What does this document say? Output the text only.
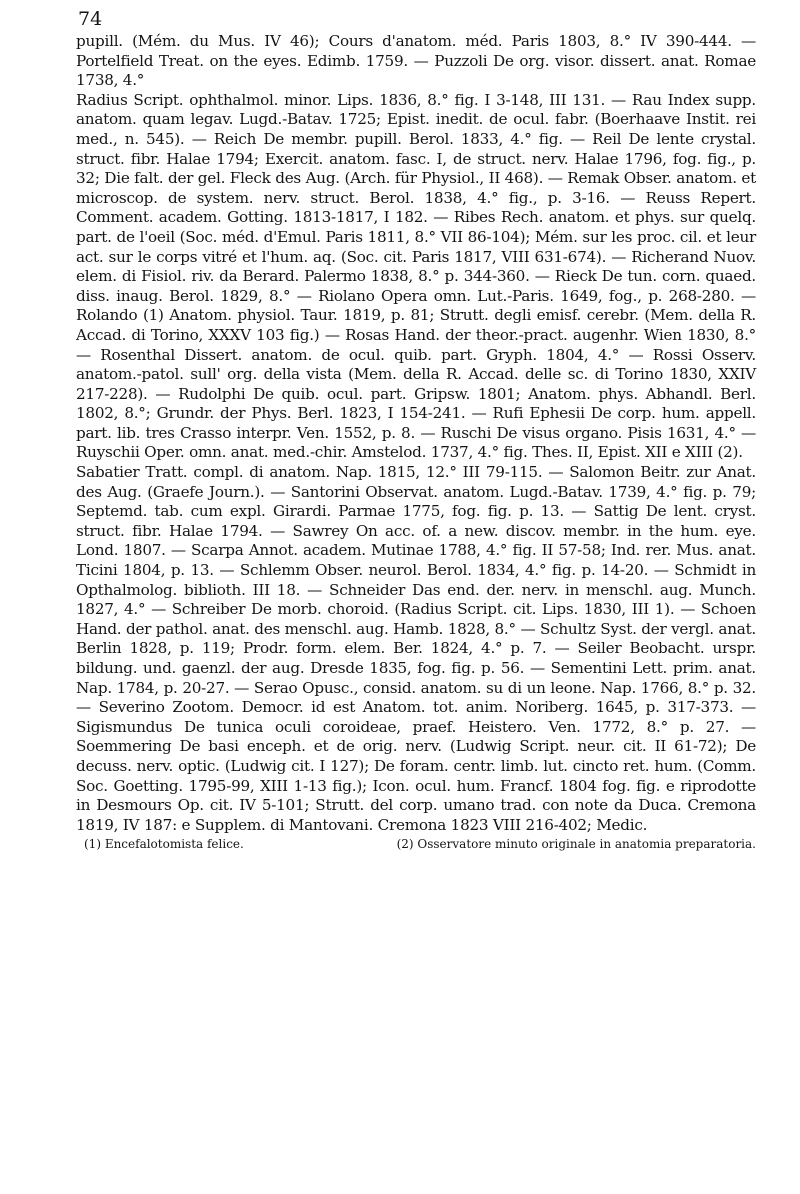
74

pupill. (Mém. du Mus. IV 46); Cours d'anatom. méd. Paris 1803, 8.° IV 390-444. — Portelfield Treat. on the eyes. Edimb. 1759. — Puzzoli De org. visor. dissert. anat. Romae 1738, 4.°

Radius Script. ophthalmol. minor. Lips. 1836, 8.° fig. I 3-148, III 131. — Rau Index supp. anatom. quam legav. Lugd.-Batav. 1725; Epist. inedit. de ocul. fabr. (Boerhaave Instit. rei med., n. 545). — Reich De membr. pupill. Berol. 1833, 4.° fig. — Reil De lente crystal. struct. fibr. Halae 1794; Exercit. anatom. fasc. I, de struct. nerv. Halae 1796, fog. fig., p. 32; Die falt. der gel. Fleck des Aug. (Arch. für Physiol., II 468). — Remak Obser. anatom. et microscop. de system. nerv. struct. Berol. 1838, 4.° fig., p. 3-16. — Reuss Repert. Comment. academ. Gotting. 1813-1817, I 182. — Ribes Rech. anatom. et phys. sur quelq. part. de l'oeil (Soc. méd. d'Emul. Paris 1811, 8.° VII 86-104); Mém. sur les proc. cil. et leur act. sur le corps vitré et l'hum. aq. (Soc. cit. Paris 1817, VIII 631-674). — Richerand Nuov. elem. di Fisiol. riv. da Berard. Palermo 1838, 8.° p. 344-360. — Rieck De tun. corn. quaed. diss. inaug. Berol. 1829, 8.° — Riolano Opera omn. Lut.-Paris. 1649, fog., p. 268-280. — Rolando (1) Anatom. physiol. Taur. 1819, p. 81; Strutt. degli emisf. cerebr. (Mem. della R. Accad. di Torino, XXXV 103 fig.) — Rosas Hand. der theor.-pract. augenhr. Wien 1830, 8.° — Rosenthal Dissert. anatom. de ocul. quib. part. Gryph. 1804, 4.° — Rossi Osserv. anatom.-patol. sull' org. della vista (Mem. della R. Accad. delle sc. di Torino 1830, XXIV 217-228). — Rudolphi De quib. ocul. part. Gripsw. 1801; Anatom. phys. Abhandl. Berl. 1802, 8.°; Grundr. der Phys. Berl. 1823, I 154-241. — Rufi Ephesii De corp. hum. appell. part. lib. tres Crasso interpr. Ven. 1552, p. 8. — Ruschi De visus organo. Pisis 1631, 4.° — Ruyschii Oper. omn. anat. med.-chir. Amstelod. 1737, 4.° fig. Thes. II, Epist. XII e XIII (2).

Sabatier Tratt. compl. di anatom. Nap. 1815, 12.° III 79-115. — Salomon Beitr. zur Anat. des Aug. (Graefe Journ.). — Santorini Observat. anatom. Lugd.-Batav. 1739, 4.° fig. p. 79; Septemd. tab. cum expl. Girardi. Parmae 1775, fog. fig. p. 13. — Sattig De lent. cryst. struct. fibr. Halae 1794. — Sawrey On acc. of. a new. discov. membr. in the hum. eye. Lond. 1807. — Scarpa Annot. academ. Mutinae 1788, 4.° fig. II 57-58; Ind. rer. Mus. anat. Ticini 1804, p. 13. — Schlemm Obser. neurol. Berol. 1834, 4.° fig. p. 14-20. — Schmidt in Opthalmolog. biblioth. III 18. — Schneider Das end. der. nerv. in menschl. aug. Munch. 1827, 4.° — Schreiber De morb. choroid. (Radius Script. cit. Lips. 1830, III 1). — Schoen Hand. der pathol. anat. des menschl. aug. Hamb. 1828, 8.° — Schultz Syst. der vergl. anat. Berlin 1828, p. 119; Prodr. form. elem. Ber. 1824, 4.° p. 7. — Seiler Beobacht. urspr. bildung. und. gaenzl. der aug. Dresde 1835, fog. fig. p. 56. — Sementini Lett. prim. anat. Nap. 1784, p. 20-27. — Serao Opusc., consid. anatom. su di un leone. Nap. 1766, 8.° p. 32. — Severino Zootom. Democr. id est Anatom. tot. anim. Noriberg. 1645, p. 317-373. — Sigismundus De tunica oculi coroideae, praef. Heistero. Ven. 1772, 8.° p. 27. — Soemmering De basi enceph. et de orig. nerv. (Ludwig Script. neur. cit. II 61-72); De decuss. nerv. optic. (Ludwig cit. I 127); De foram. centr. limb. lut. cincto ret. hum. (Comm. Soc. Goetting. 1795-99, XIII 1-13 fig.); Icon. ocul. hum. Francf. 1804 fog. fig. e riprodotte in Desmours Op. cit. IV 5-101; Strutt. del corp. umano trad. con note da Duca. Cremona 1819, IV 187: e Supplem. di Mantovani. Cremona 1823 VIII 216-402; Medic.

(1) Encefalotomista felice.	(2) Osservatore minuto originale in anatomia preparatoria.
